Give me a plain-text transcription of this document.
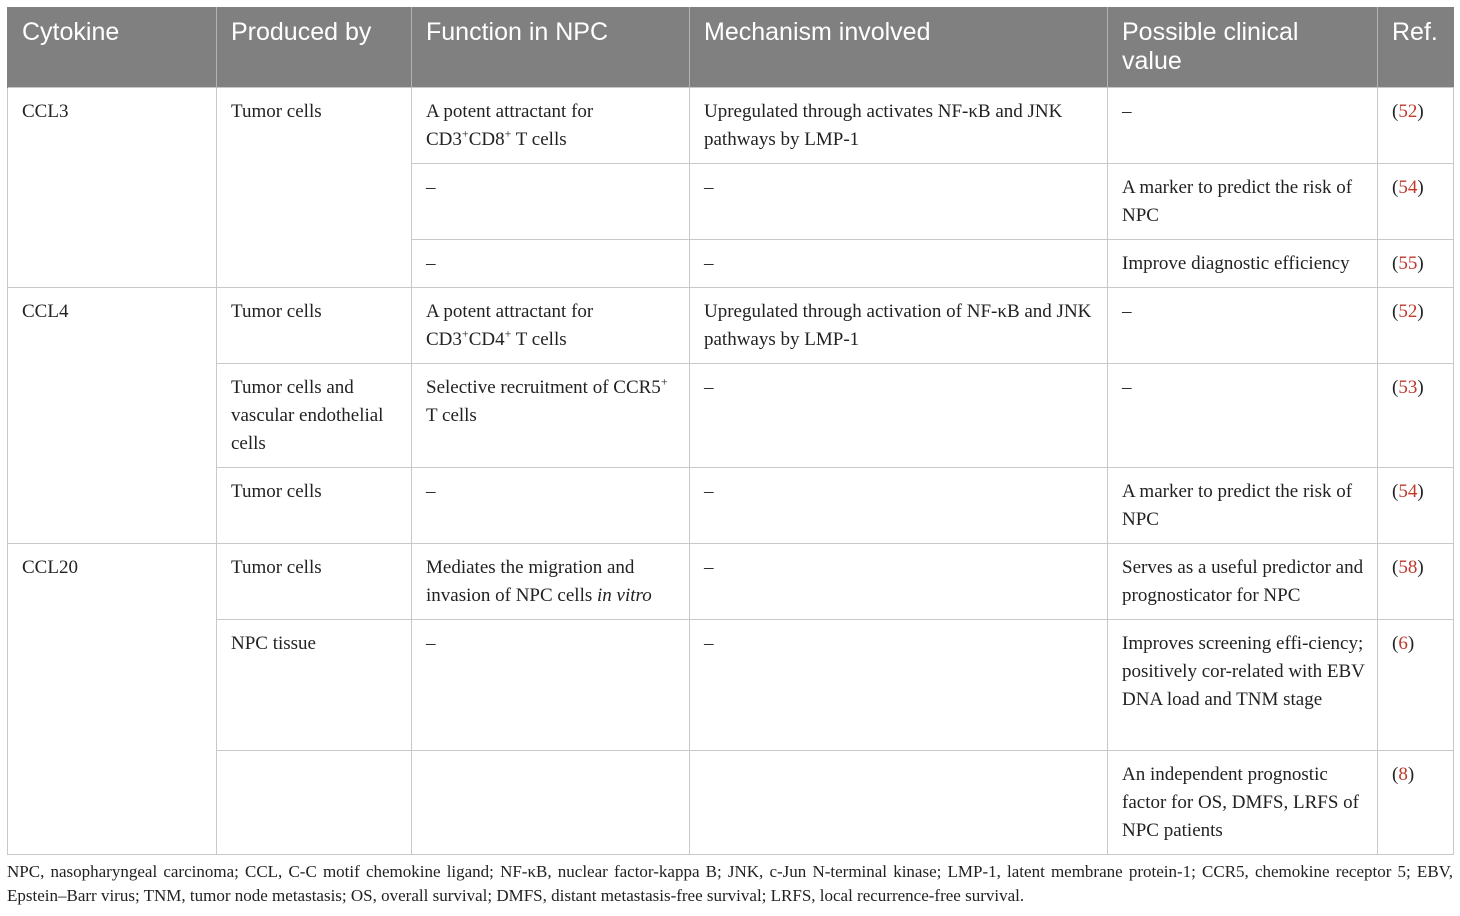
Cytokine	Produced by	Function in NPC	Mechanism involved	Possible clinical value	Ref.
CCL3	Tumor cells	A potent attractant for CD3+CD8+ T cells	Upregulated through activates NF-κB and JNK pathways by LMP-1	–	(52)
		–	–	A marker to predict the risk of NPC	(54)
		–	–	Improve diagnostic efficiency	(55)
CCL4	Tumor cells	A potent attractant for CD3+CD4+ T cells	Upregulated through activation of NF-κB and JNK pathways by LMP-1	–	(52)
	Tumor cells and vascular endothelial cells	Selective recruitment of CCR5+ T cells	–	–	(53)
	Tumor cells	–	–	A marker to predict the risk of NPC	(54)
CCL20	Tumor cells	Mediates the migration and invasion of NPC cells in vitro	–	Serves as a useful predictor and prognosticator for NPC	(58)
	NPC tissue	–	–	Improves screening effi-ciency; positively cor-related with EBV DNA load and TNM stage	(6)
				An independent prognostic factor for OS, DMFS, LRFS of NPC patients	(8)

NPC, nasopharyngeal carcinoma; CCL, C-C motif chemokine ligand; NF-κB, nuclear factor-kappa B; JNK, c-Jun N-terminal kinase; LMP-1, latent membrane protein-1; CCR5, chemokine receptor 5; EBV, Epstein–Barr virus; TNM, tumor node metastasis; OS, overall survival; DMFS, distant metastasis-free survival; LRFS, local recurrence-free survival.
